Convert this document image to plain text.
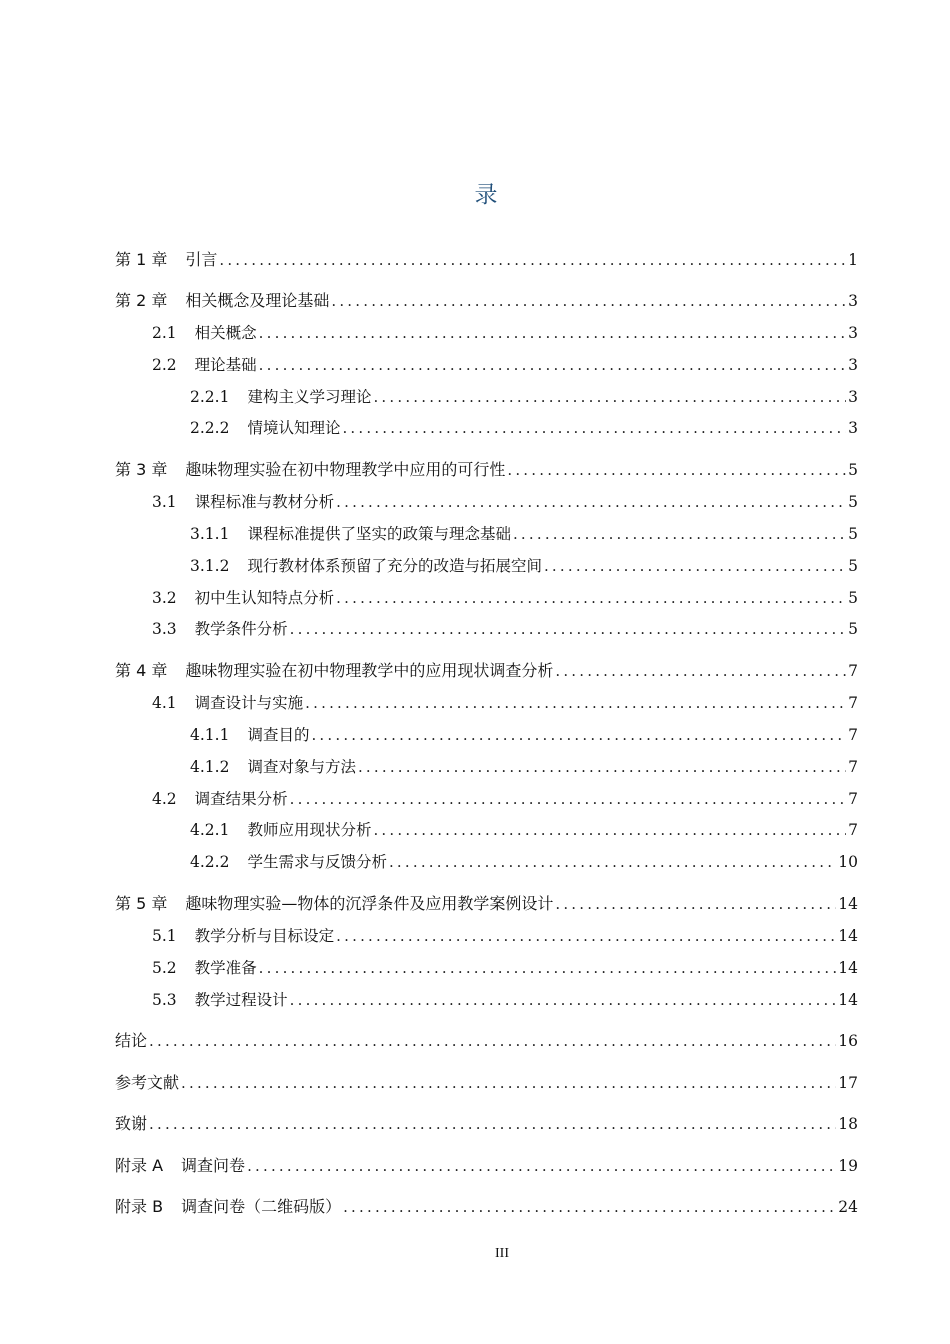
录
第 1 章 引言 .....	1
第 2 章 相关概念及理论基础 .....	3
2.1 相关概念 .....	3
2.2 理论基础 .....	3
2.2.1 建构主义学习理论 .....	3
2.2.2 情境认知理论 .....	3
第 3 章 趣味物理实验在初中物理教学中应用的可行性 .....	5
3.1 课程标准与教材分析 .....	5
3.1.1 课程标准提供了坚实的政策与理念基础 .....	5
3.1.2 现行教材体系预留了充分的改造与拓展空间 .....	5
3.2 初中生认知特点分析 .....	5
3.3 教学条件分析 .....	5
第 4 章 趣味物理实验在初中物理教学中的应用现状调查分析 .....	7
4.1 调查设计与实施 .....	7
4.1.1 调查目的 .....	7
4.1.2 调查对象与方法 .....	7
4.2 调查结果分析 .....	7
4.2.1 教师应用现状分析 .....	7
4.2.2 学生需求与反馈分析 .....	10
第 5 章 趣味物理实验—物体的沉浮条件及应用教学案例设计 .....	14
5.1 教学分析与目标设定 .....	14
5.2 教学准备 .....	14
5.3 教学过程设计 .....	14
结论 .....	16
参考文献 .....	17
致谢 .....	18
附录 A 调查问卷 .....	19
附录 B 调查问卷（二维码版） .....	24
III
